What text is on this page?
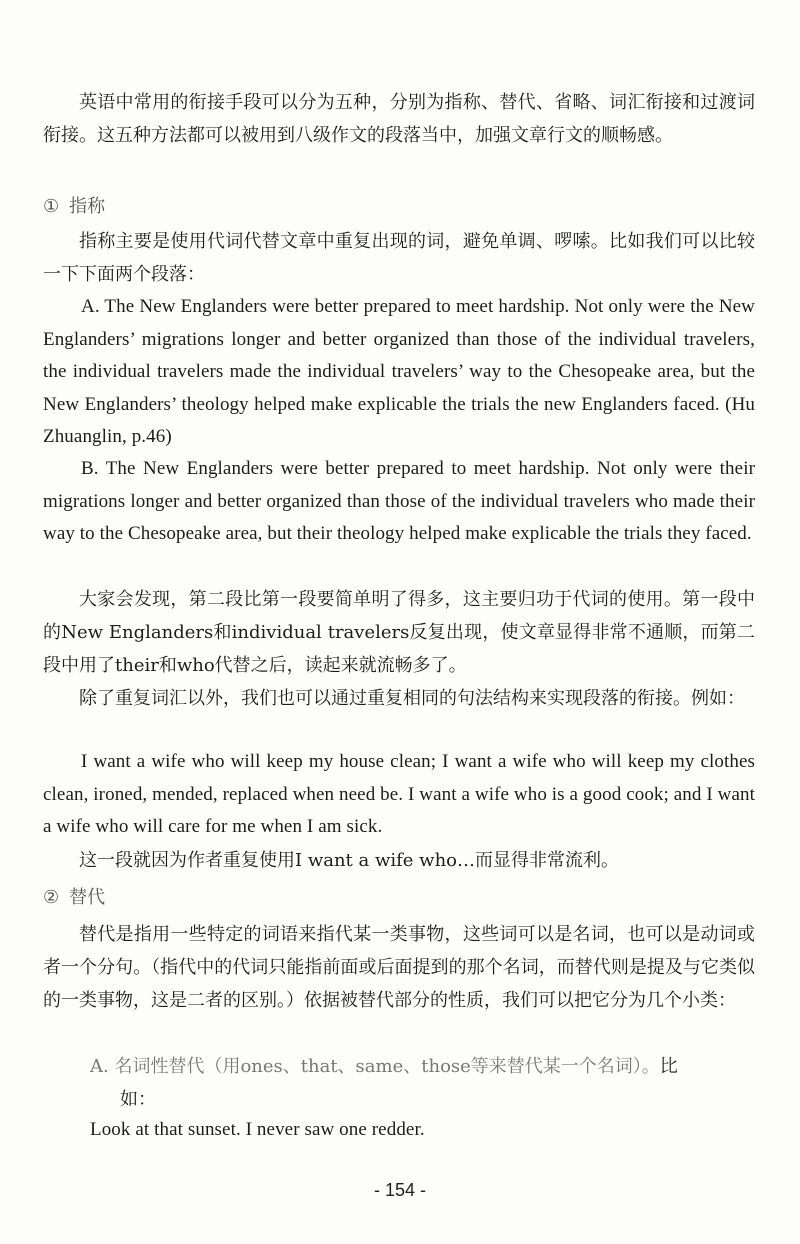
英语中常用的衔接手段可以分为五种，分别为指称、替代、省略、词汇衔接和过渡词衔接。这五种方法都可以被用到八级作文的段落当中，加强文章行文的顺畅感。

① 指称

指称主要是使用代词代替文章中重复出现的词，避免单调、啰嗦。比如我们可以比较一下下面两个段落：

A. The New Englanders were better prepared to meet hardship. Not only were the New Englanders’ migrations longer and better organized than those of the individual travelers, the individual travelers made the individual travelers’ way to the Chesopeake area, but the New Englanders’ theology helped make explicable the trials the new Englanders faced. (Hu Zhuanglin, p.46)

B. The New Englanders were better prepared to meet hardship. Not only were their migrations longer and better organized than those of the individual travelers who made their way to the Chesopeake area, but their theology helped make explicable the trials they faced.

大家会发现，第二段比第一段要简单明了得多，这主要归功于代词的使用。第一段中的New Englanders和individual travelers反复出现，使文章显得非常不通顺，而第二段中用了their和who代替之后，读起来就流畅多了。

除了重复词汇以外，我们也可以通过重复相同的句法结构来实现段落的衔接。例如：

I want a wife who will keep my house clean; I want a wife who will keep my clothes clean, ironed, mended, replaced when need be. I want a wife who is a good cook; and I want a wife who will care for me when I am sick.

这一段就因为作者重复使用I want a wife who…而显得非常流利。

② 替代

替代是指用一些特定的词语来指代某一类事物，这些词可以是名词，也可以是动词或者一个分句。（指代中的代词只能指前面或后面提到的那个名词，而替代则是提及与它类似的一类事物，这是二者的区别。）依据被替代部分的性质，我们可以把它分为几个小类：

A. 名词性替代（用ones、that、same、those等来替代某一个名词）。比
如：

Look at that sunset. I never saw one redder.

- 154 -
